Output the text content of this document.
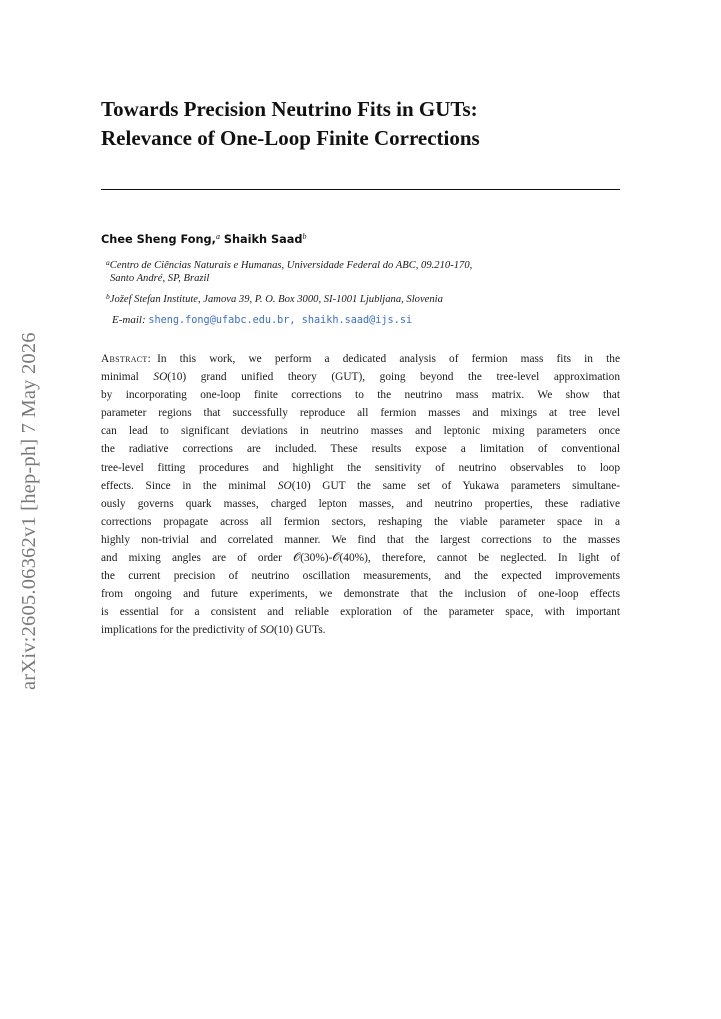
arXiv:2605.06362v1 [hep-ph] 7 May 2026
Towards Precision Neutrino Fits in GUTs:
Relevance of One-Loop Finite Corrections
Chee Sheng Fong,$^a$ Shaikh Saad$^b$
$^a$Centro de Ciências Naturais e Humanas, Universidade Federal do ABC, 09.210-170,
Santo André, SP, Brazil
$^b$Jožef Stefan Institute, Jamova 39, P. O. Box 3000, SI-1001 Ljubljana, Slovenia
E-mail: sheng.fong@ufabc.edu.br, shaikh.saad@ijs.si
Abstract: In this work, we perform a dedicated analysis of fermion mass fits in the
minimal SO(10) grand unified theory (GUT), going beyond the tree-level approximation
by incorporating one-loop finite corrections to the neutrino mass matrix. We show that
parameter regions that successfully reproduce all fermion masses and mixings at tree level
can lead to significant deviations in neutrino masses and leptonic mixing parameters once
the radiative corrections are included. These results expose a limitation of conventional
tree-level fitting procedures and highlight the sensitivity of neutrino observables to loop
effects. Since in the minimal SO(10) GUT the same set of Yukawa parameters simultane-
ously governs quark masses, charged lepton masses, and neutrino properties, these radiative
corrections propagate across all fermion sectors, reshaping the viable parameter space in a
highly non-trivial and correlated manner. We find that the largest corrections to the masses
and mixing angles are of order 𝒪(30%)-𝒪(40%), therefore, cannot be neglected. In light of
the current precision of neutrino oscillation measurements, and the expected improvements
from ongoing and future experiments, we demonstrate that the inclusion of one-loop effects
is essential for a consistent and reliable exploration of the parameter space, with important
implications for the predictivity of SO(10) GUTs.
